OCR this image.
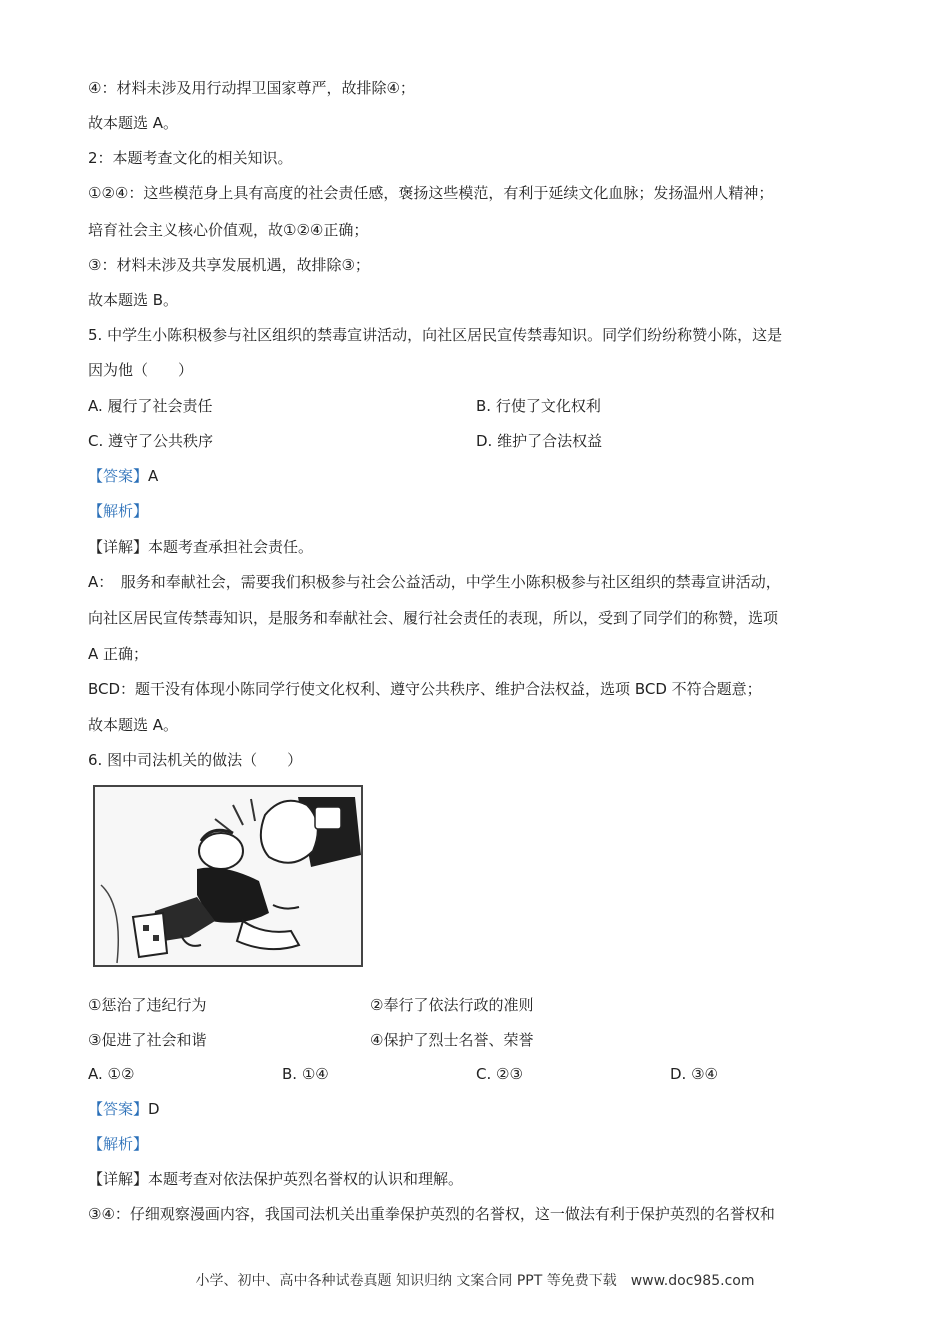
④：材料未涉及用行动捍卫国家尊严，故排除④；
故本题选 A。
2：本题考查文化的相关知识。
①②④：这些模范身上具有高度的社会责任感，褒扬这些模范，有利于延续文化血脉；发扬温州人精神；
培育社会主义核心价值观，故①②④正确；
③：材料未涉及共享发展机遇，故排除③；
故本题选 B。
5. 中学生小陈积极参与社区组织的禁毒宣讲活动，向社区居民宣传禁毒知识。同学们纷纷称赞小陈，这是
因为他（　　）
A. 履行了社会责任	B. 行使了文化权利
C. 遵守了公共秩序	D. 维护了合法权益
【答案】A
【解析】
【详解】本题考查承担社会责任。
A：　服务和奉献社会，需要我们积极参与社会公益活动，中学生小陈积极参与社区组织的禁毒宣讲活动，
向社区居民宣传禁毒知识，是服务和奉献社会、履行社会责任的表现，所以，受到了同学们的称赞，选项
A 正确；
BCD：题干没有体现小陈同学行使文化权利、遵守公共秩序、维护合法权益，选项 BCD 不符合题意；
故本题选 A。
6. 图中司法机关的做法（　　）
①惩治了违纪行为	②奉行了依法行政的准则
③促进了社会和谐	④保护了烈士名誉、荣誉
A. ①②	B. ①④	C. ②③	D. ③④
【答案】D
【解析】
【详解】本题考查对依法保护英烈名誉权的认识和理解。
③④：仔细观察漫画内容，我国司法机关出重拳保护英烈的名誉权，这一做法有利于保护英烈的名誉权和
小学、初中、高中各种试卷真题 知识归纳 文案合同 PPT 等免费下载　www.doc985.com
